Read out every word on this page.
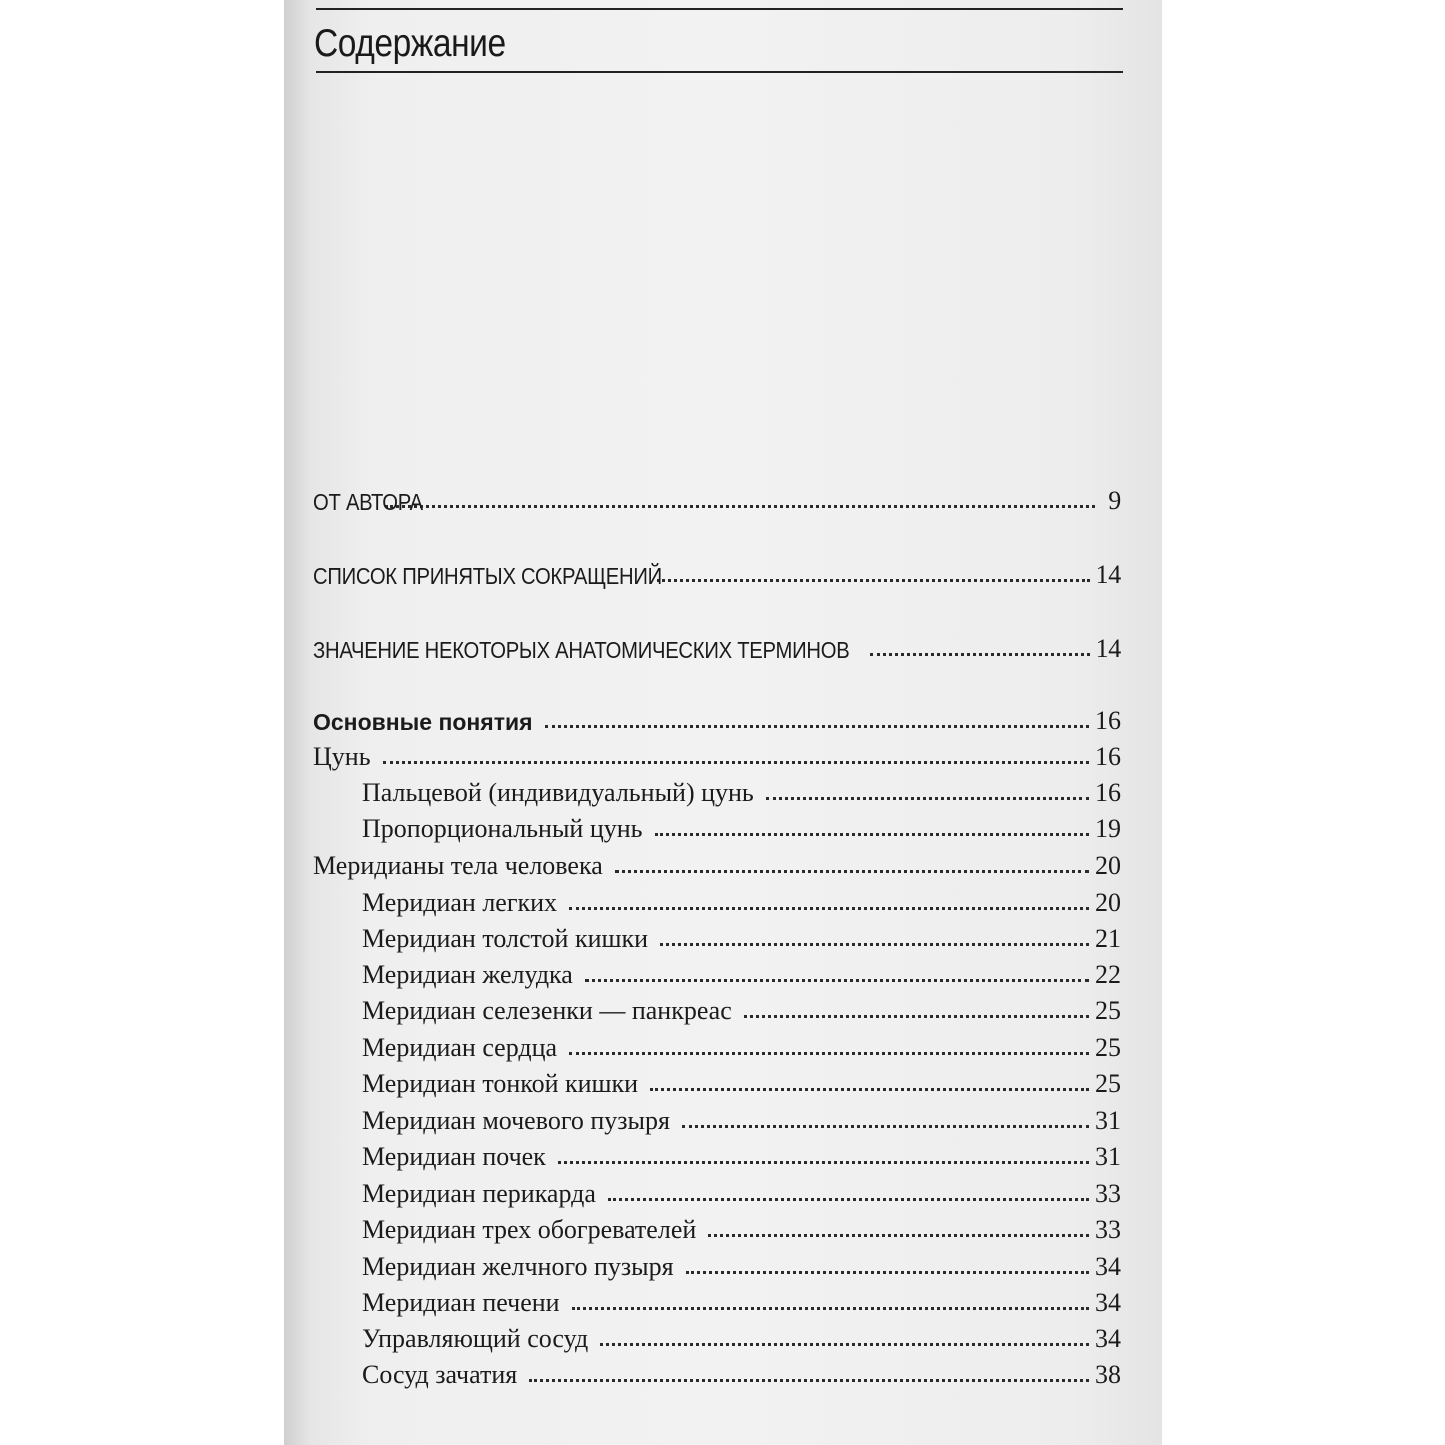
Содержание
ОТ АВТОРА	9
СПИСОК ПРИНЯТЫХ СОКРАЩЕНИЙ	14
ЗНАЧЕНИЕ НЕКОТОРЫХ АНАТОМИЧЕСКИХ ТЕРМИНОВ	14
Основные понятия	16
Цунь	16
Пальцевой (индивидуальный) цунь	16
Пропорциональный цунь	19
Меридианы тела человека	20
Меридиан легких	20
Меридиан толстой кишки	21
Меридиан желудка	22
Меридиан селезенки — панкреас	25
Меридиан сердца	25
Меридиан тонкой кишки	25
Меридиан мочевого пузыря	31
Меридиан почек	31
Меридиан перикарда	33
Меридиан трех обогревателей	33
Меридиан желчного пузыря	34
Меридиан печени	34
Управляющий сосуд	34
Сосуд зачатия	38
